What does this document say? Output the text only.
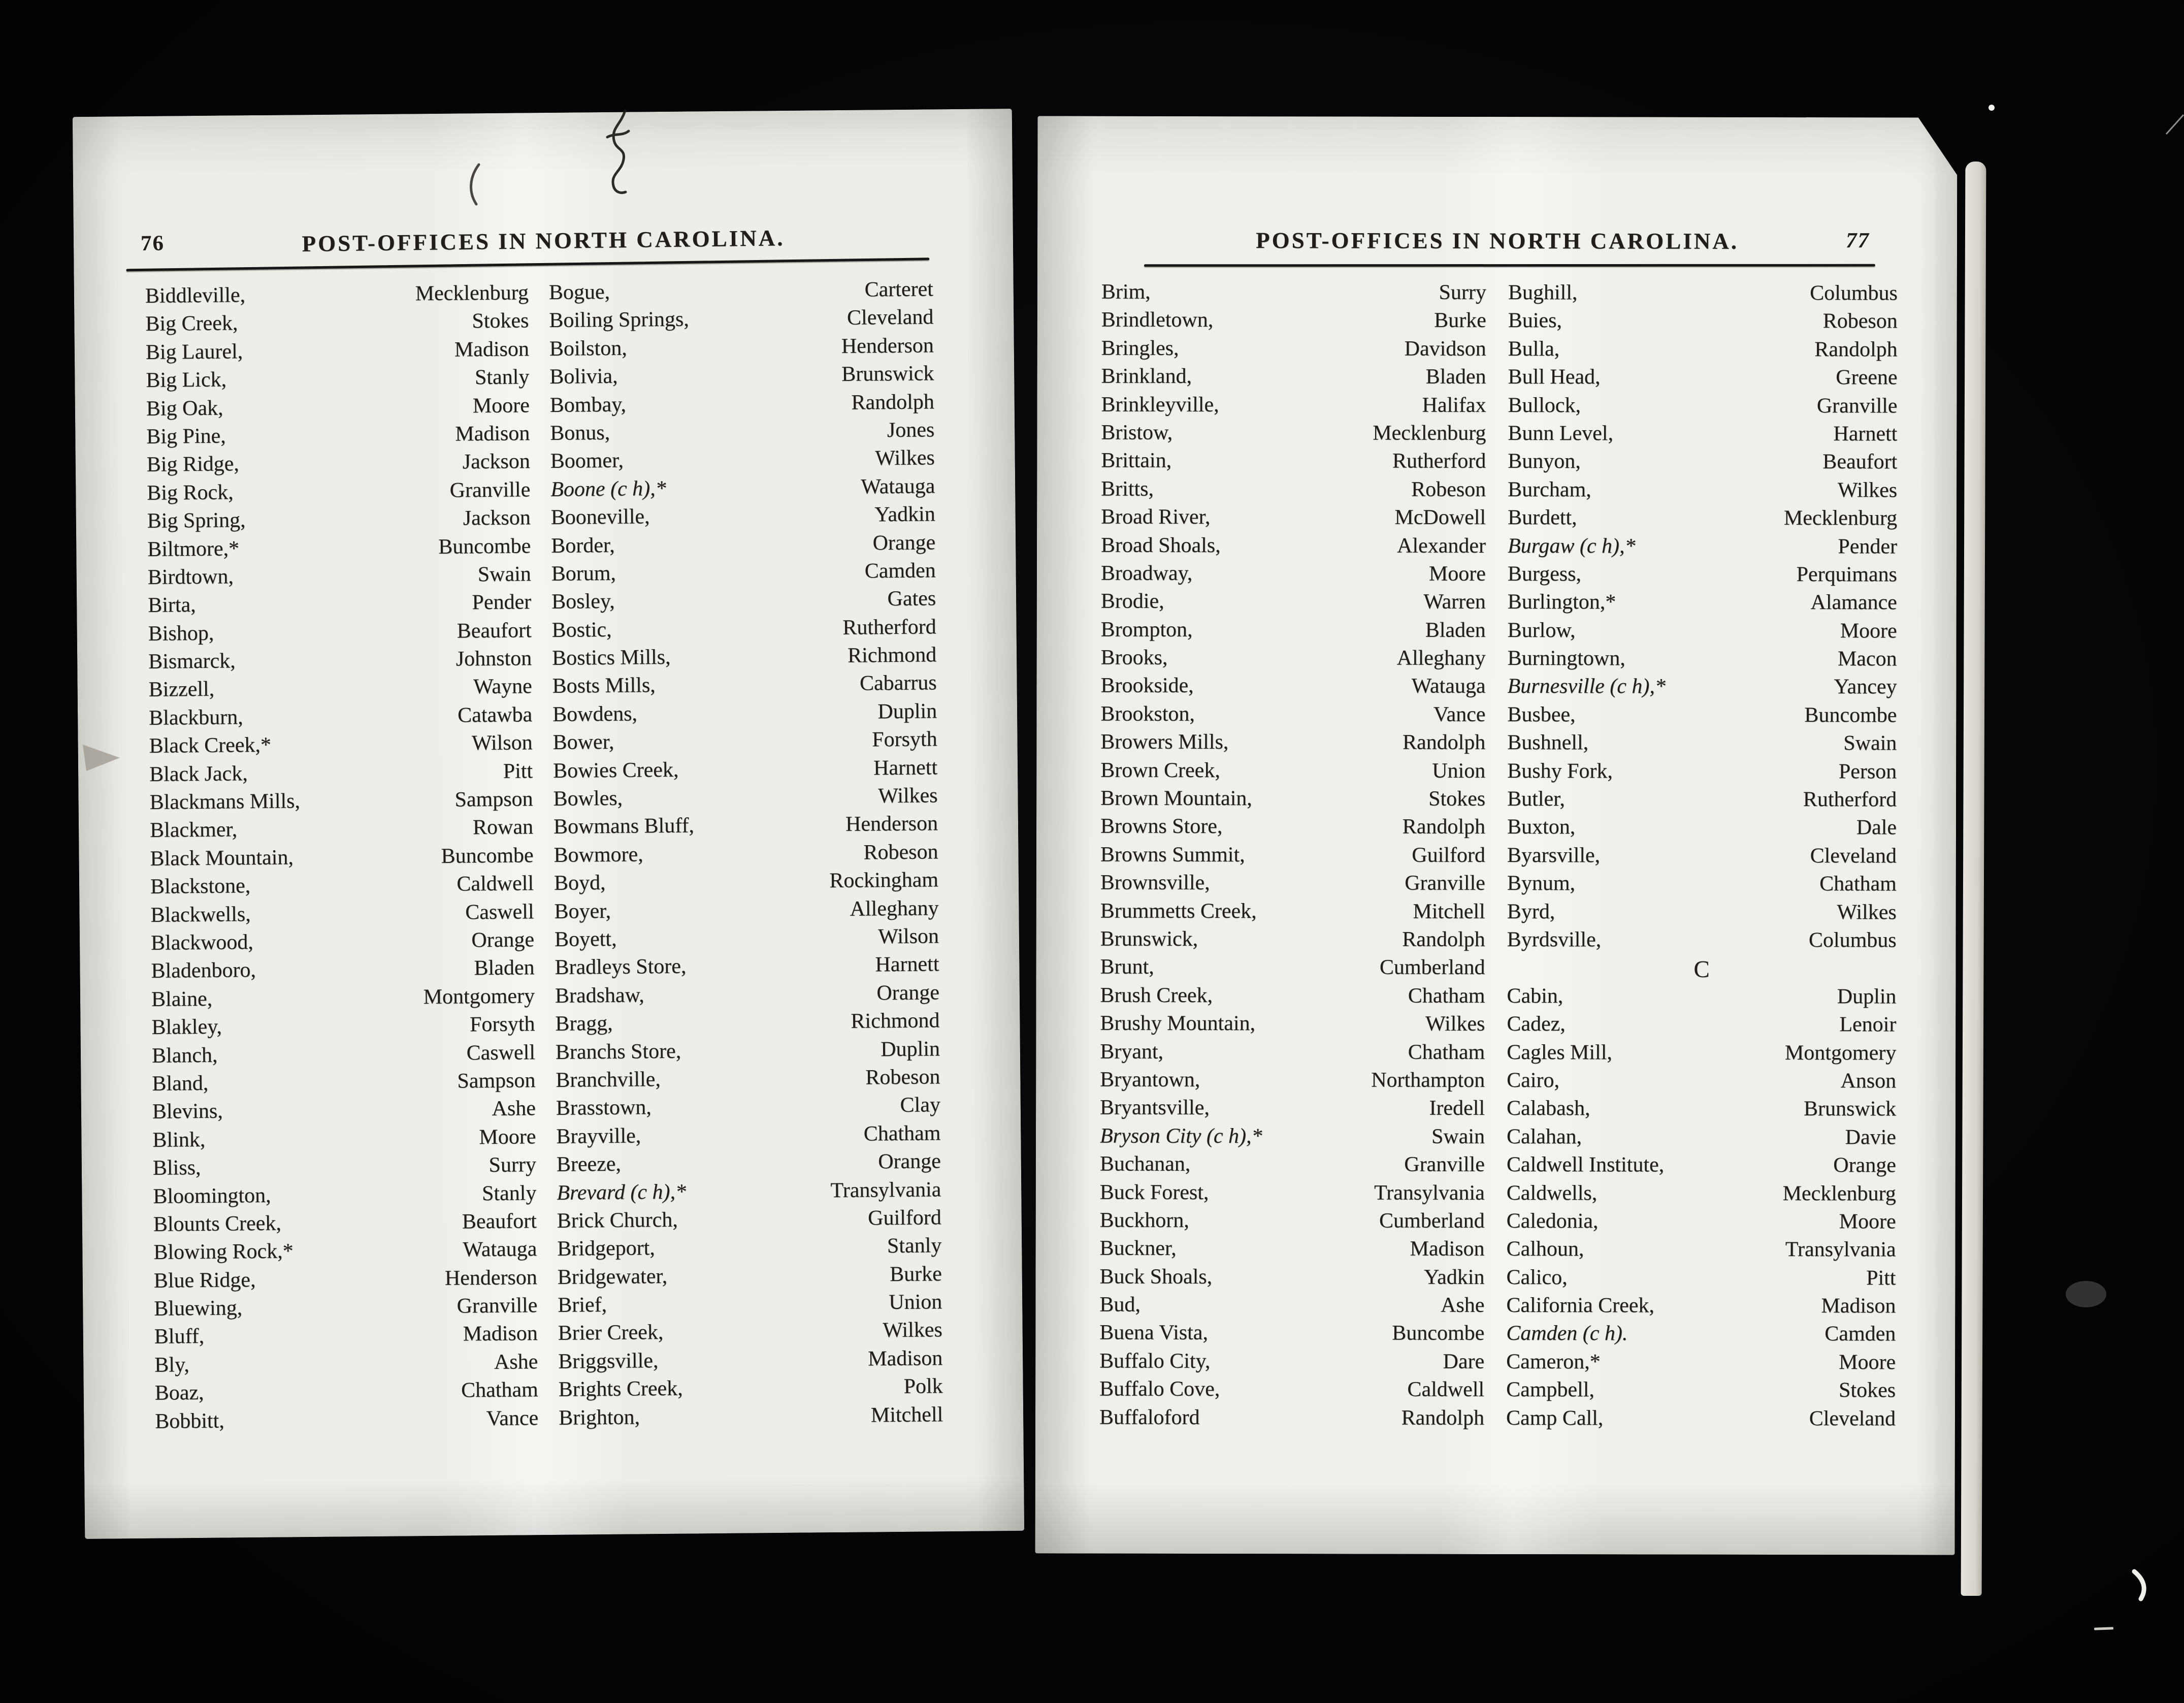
76	POST-OFFICES IN NORTH CAROLINA.
Biddleville,	Mecklenburg
Big Creek,	Stokes
Big Laurel,	Madison
Big Lick,	Stanly
Big Oak,	Moore
Big Pine,	Madison
Big Ridge,	Jackson
Big Rock,	Granville
Big Spring,	Jackson
Biltmore,*	Buncombe
Birdtown,	Swain
Birta,	Pender
Bishop,	Beaufort
Bismarck,	Johnston
Bizzell,	Wayne
Blackburn,	Catawba
Black Creek,*	Wilson
Black Jack,	Pitt
Blackmans Mills,	Sampson
Blackmer,	Rowan
Black Mountain,	Buncombe
Blackstone,	Caldwell
Blackwells,	Caswell
Blackwood,	Orange
Bladenboro,	Bladen
Blaine,	Montgomery
Blakley,	Forsyth
Blanch,	Caswell
Bland,	Sampson
Blevins,	Ashe
Blink,	Moore
Bliss,	Surry
Bloomington,	Stanly
Blounts Creek,	Beaufort
Blowing Rock,*	Watauga
Blue Ridge,	Henderson
Bluewing,	Granville
Bluff,	Madison
Bly,	Ashe
Boaz,	Chatham
Bobbitt,	Vance
Bogue,	Carteret
Boiling Springs,	Cleveland
Boilston,	Henderson
Bolivia,	Brunswick
Bombay,	Randolph
Bonus,	Jones
Boomer,	Wilkes
Boone (c h),*	Watauga
Booneville,	Yadkin
Border,	Orange
Borum,	Camden
Bosley,	Gates
Bostic,	Rutherford
Bostics Mills,	Richmond
Bosts Mills,	Cabarrus
Bowdens,	Duplin
Bower,	Forsyth
Bowies Creek,	Harnett
Bowles,	Wilkes
Bowmans Bluff,	Henderson
Bowmore,	Robeson
Boyd,	Rockingham
Boyer,	Alleghany
Boyett,	Wilson
Bradleys Store,	Harnett
Bradshaw,	Orange
Bragg,	Richmond
Branchs Store,	Duplin
Branchville,	Robeson
Brasstown,	Clay
Brayville,	Chatham
Breeze,	Orange
Brevard (c h),*	Transylvania
Brick Church,	Guilford
Bridgeport,	Stanly
Bridgewater,	Burke
Brief,	Union
Brier Creek,	Wilkes
Briggsville,	Madison
Brights Creek,	Polk
Brighton,	Mitchell
77
POST-OFFICES IN NORTH CAROLINA.
Brim,	Surry
Brindletown,	Burke
Bringles,	Davidson
Brinkland,	Bladen
Brinkleyville,	Halifax
Bristow,	Mecklenburg
Brittain,	Rutherford
Britts,	Robeson
Broad River,	McDowell
Broad Shoals,	Alexander
Broadway,	Moore
Brodie,	Warren
Brompton,	Bladen
Brooks,	Alleghany
Brookside,	Watauga
Brookston,	Vance
Browers Mills,	Randolph
Brown Creek,	Union
Brown Mountain,	Stokes
Browns Store,	Randolph
Browns Summit,	Guilford
Brownsville,	Granville
Brummetts Creek,	Mitchell
Brunswick,	Randolph
Brunt,	Cumberland
Brush Creek,	Chatham
Brushy Mountain,	Wilkes
Bryant,	Chatham
Bryantown,	Northampton
Bryantsville,	Iredell
Bryson City (c h),*	Swain
Buchanan,	Granville
Buck Forest,	Transylvania
Buckhorn,	Cumberland
Buckner,	Madison
Buck Shoals,	Yadkin
Bud,	Ashe
Buena Vista,	Buncombe
Buffalo City,	Dare
Buffalo Cove,	Caldwell
Buffaloford	Randolph
Bughill,	Columbus
Buies,	Robeson
Bulla,	Randolph
Bull Head,	Greene
Bullock,	Granville
Bunn Level,	Harnett
Bunyon,	Beaufort
Burcham,	Wilkes
Burdett,	Mecklenburg
Burgaw (c h),*	Pender
Burgess,	Perquimans
Burlington,*	Alamance
Burlow,	Moore
Burningtown,	Macon
Burnesville (c h),*	Yancey
Busbee,	Buncombe
Bushnell,	Swain
Bushy Fork,	Person
Butler,	Rutherford
Buxton,	Dale
Byarsville,	Cleveland
Bynum,	Chatham
Byrd,	Wilkes
Byrdsville,	Columbus
C
Cabin,	Duplin
Cadez,	Lenoir
Cagles Mill,	Montgomery
Cairo,	Anson
Calabash,	Brunswick
Calahan,	Davie
Caldwell Institute,	Orange
Caldwells,	Mecklenburg
Caledonia,	Moore
Calhoun,	Transylvania
Calico,	Pitt
California Creek,	Madison
Camden (c h).	Camden
Cameron,*	Moore
Campbell,	Stokes
Camp Call,	Cleveland
